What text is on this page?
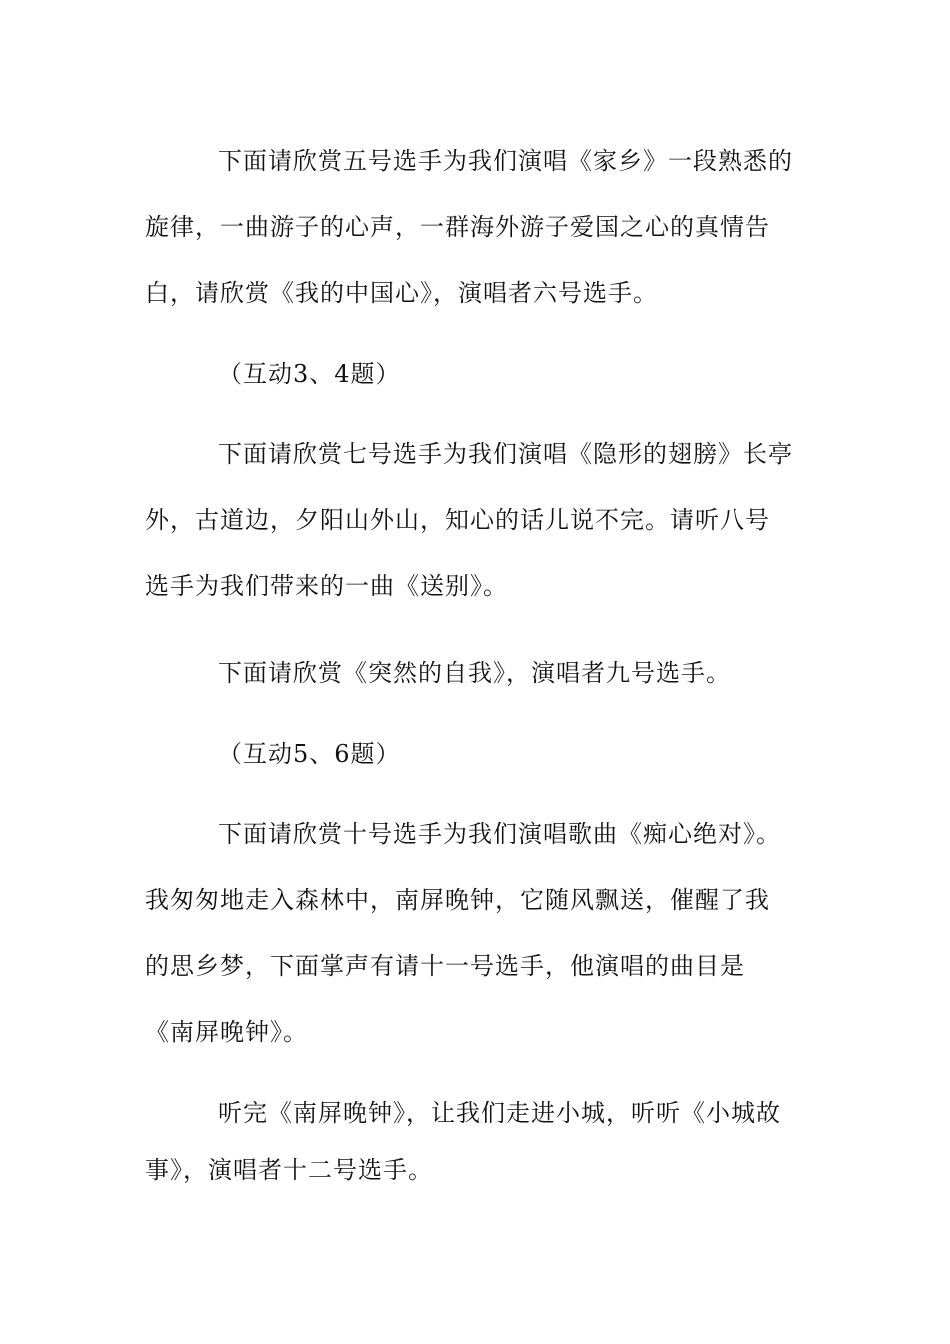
下面请欣赏五号选手为我们演唱《家乡》一段熟悉的
旋律，一曲游子的心声，一群海外游子爱国之心的真情告
白，请欣赏《我的中国心》，演唱者六号选手。
（互动3、4题）
下面请欣赏七号选手为我们演唱《隐形的翅膀》长亭
外，古道边，夕阳山外山，知心的话儿说不完。请听八号
选手为我们带来的一曲《送别》。
下面请欣赏《突然的自我》，演唱者九号选手。
（互动5、6题）
下面请欣赏十号选手为我们演唱歌曲《痴心绝对》。
我匆匆地走入森林中，南屏晚钟，它随风飘送，催醒了我
的思乡梦，下面掌声有请十一号选手，他演唱的曲目是
《南屏晚钟》。
听完《南屏晚钟》，让我们走进小城，听听《小城故
事》，演唱者十二号选手。
